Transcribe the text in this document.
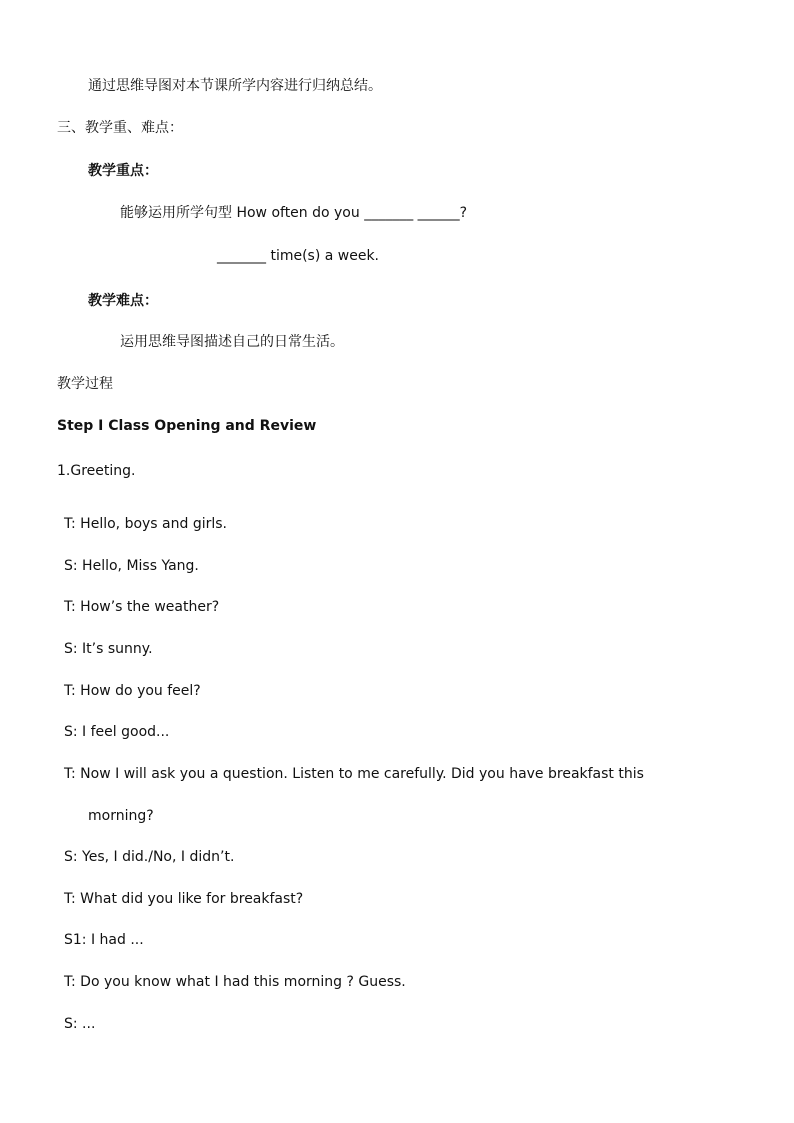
通过思维导图对本节课所学内容进行归纳总结。
三、教学重、难点：
教学重点：
能够运用所学句型 How often do you _______ ______?
_______ time(s) a week.
教学难点：
运用思维导图描述自己的日常生活。
教学过程
Step Ⅰ Class Opening and Review
1.Greeting.
T: Hello, boys and girls.
S: Hello, Miss Yang.
T: How’s the weather?
S: It’s sunny.
T: How do you feel?
S: I feel good...
T: Now I will ask you a question. Listen to me carefully. Did you have breakfast this
morning?
S: Yes, I did./No, I didn’t.
T: What did you like for breakfast?
S1: I had ...
T: Do you know what I had this morning ? Guess.
S: ...
